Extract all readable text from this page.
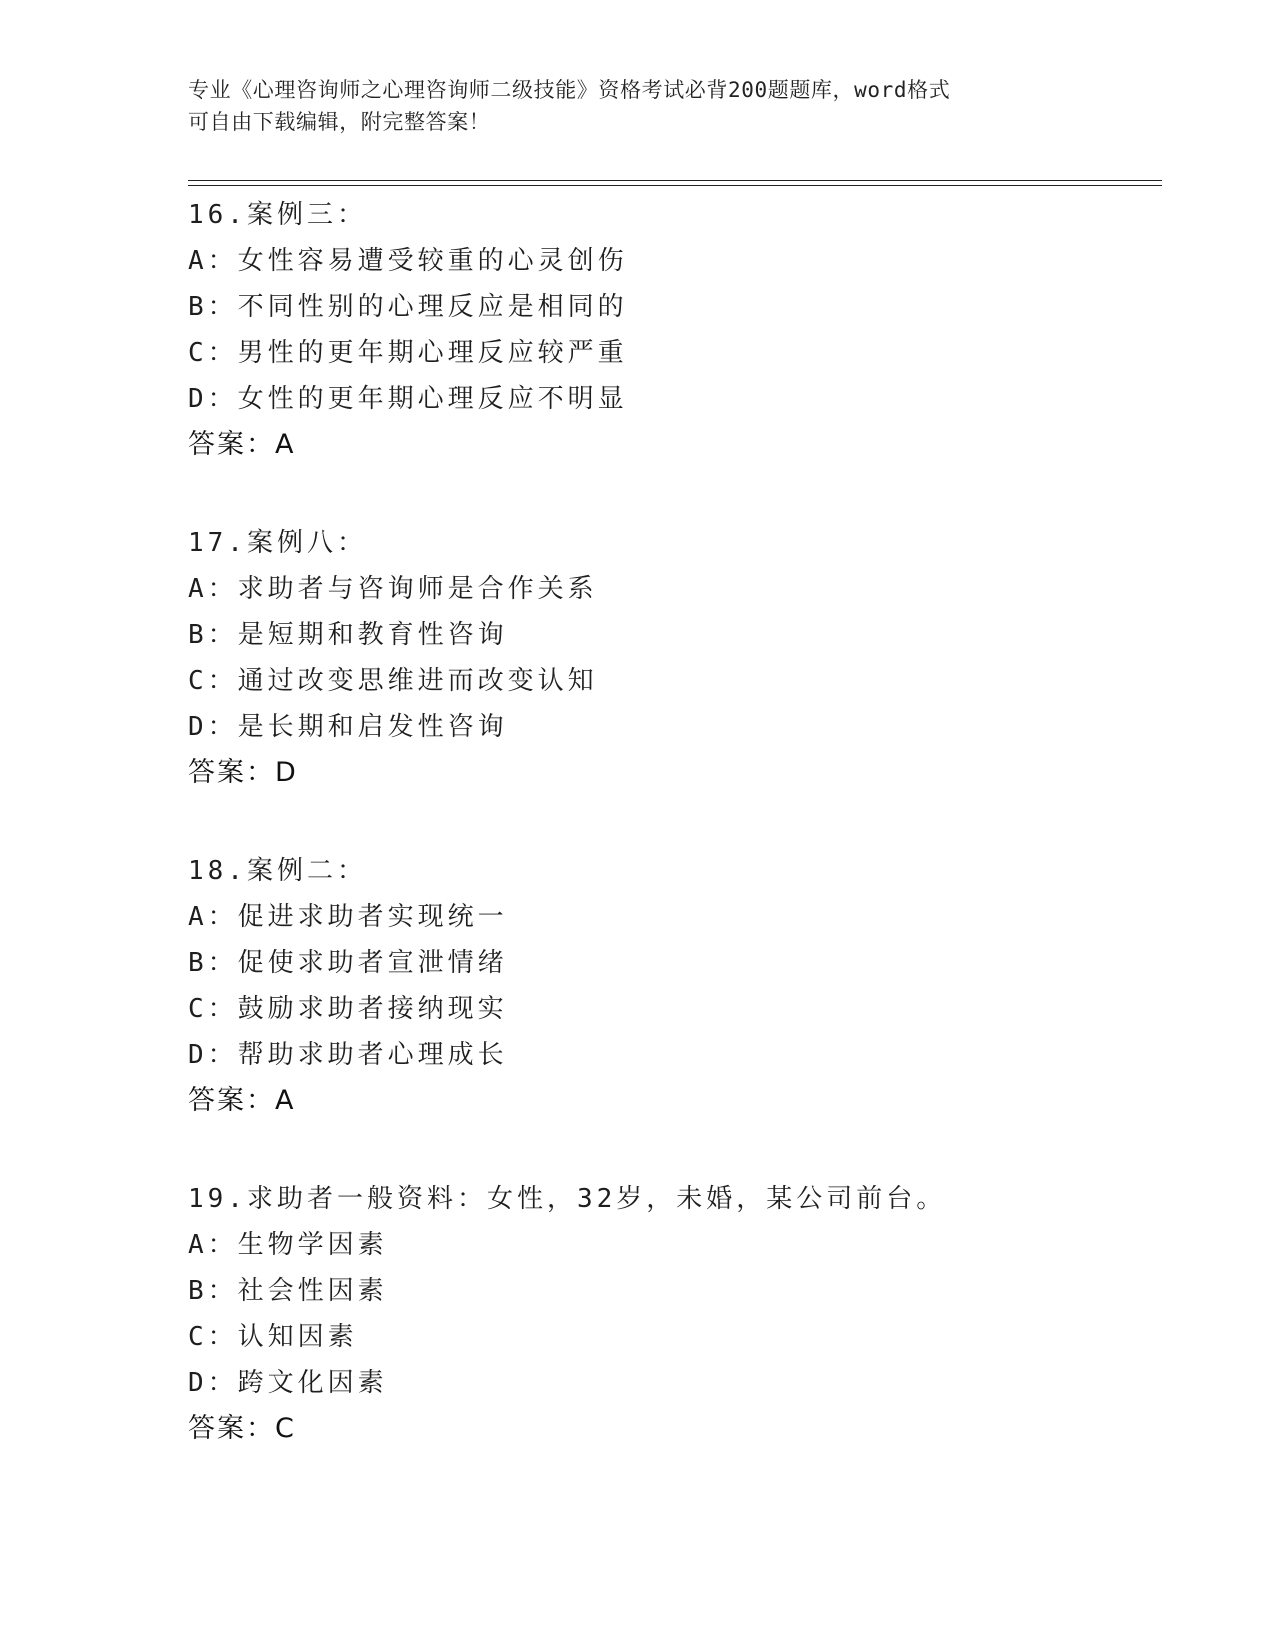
专业《心理咨询师之心理咨询师二级技能》资格考试必背200题题库，word格式
可自由下载编辑，附完整答案！
16.案例三：
A：女性容易遭受较重的心灵创伤
B：不同性别的心理反应是相同的
C：男性的更年期心理反应较严重
D：女性的更年期心理反应不明显
答案：A
17.案例八：
A：求助者与咨询师是合作关系
B：是短期和教育性咨询
C：通过改变思维进而改变认知
D：是长期和启发性咨询
答案：D
18.案例二：
A：促进求助者实现统一
B：促使求助者宣泄情绪
C：鼓励求助者接纳现实
D：帮助求助者心理成长
答案：A
19.求助者一般资料：女性，32岁，未婚，某公司前台。
A：生物学因素
B：社会性因素
C：认知因素
D：跨文化因素
答案：C
